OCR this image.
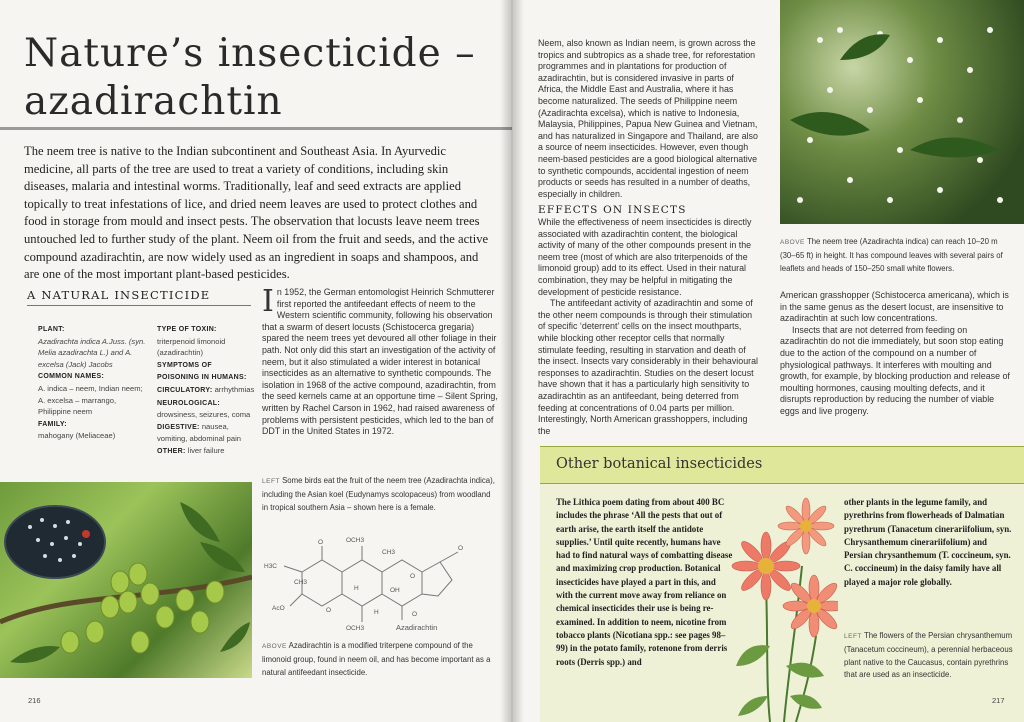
Nature’s insecticide –
azadirachtin

The neem tree is native to the Indian subcontinent and Southeast Asia. In Ayurvedic medicine, all parts of the tree are used to treat a variety of conditions, including skin diseases, malaria and intestinal worms. Traditionally, leaf and seed extracts are applied topically to treat infestations of lice, and dried neem leaves are used to protect clothes and food in storage from mould and insect pests. The observation that locusts leave neem trees untouched led to further study of the plant. Neem oil from the fruit and seeds, and the active compound azadirachtin, are now widely used as an ingredient in soaps and shampoos, and are one of the most important plant-based pesticides.

A NATURAL INSECTICIDE
PLANT:
Azadirachta indica A.Juss. (syn. Melia azadirachta L.) and A. excelsa (Jack) Jacobs
COMMON NAMES:
A. indica – neem, Indian neem; A. excelsa – marrango, Philippine neem
FAMILY:
mahogany (Meliaceae)
TYPE OF TOXIN:
triterpenoid limonoid (azadirachtin)
SYMPTOMS OF POISONING IN HUMANS:
CIRCULATORY: arrhythmias
NEUROLOGICAL: drowsiness, seizures, coma
DIGESTIVE: nausea, vomiting, abdominal pain
OTHER: liver failure
In 1952, the German entomologist Heinrich Schmutterer first reported the antifeedant effects of neem to the Western scientific community, following his observation that a swarm of desert locusts (Schistocerca gregaria) spared the neem trees yet devoured all other foliage in their path. Not only did this start an investigation of the activity of neem, but it also stimulated a wider interest in botanical insecticides as an alternative to synthetic compounds. The isolation in 1968 of the active compound, azadirachtin, from the seed kernels came at an opportune time – Silent Spring, written by Rachel Carson in 1962, had raised awareness of problems with persistent pesticides, which led to the ban of DDT in the United States in 1972.
LEFT Some birds eat the fruit of the neem tree (Azadirachta indica), including the Asian koel (Eudynamys scolopaceus) from woodland in tropical southern Asia – shown here is a female.
OCH3
O
CH3
H3C
CH3
O
O
OH
H
AcO	O	H	O
OCH3	Azadirachtin
ABOVE Azadirachtin is a modified triterpene compound of the limonoid group, found in neem oil, and has become important as a natural antifeedant insecticide.
216
Neem, also known as Indian neem, is grown across the tropics and subtropics as a shade tree, for reforestation programmes and in plantations for production of azadirachtin, but is considered invasive in parts of Africa, the Middle East and Australia, where it has become naturalized. The seeds of Philippine neem (Azadirachta excelsa), which is native to Indonesia, Malaysia, Philippines, Papua New Guinea and Vietnam, and has naturalized in Singapore and Thailand, are also a source of neem insecticides. However, even though neem-based pesticides are a good biological alternative to synthetic compounds, accidental ingestion of neem products or seeds has resulted in a number of deaths, especially in children.
EFFECTS ON INSECTS
While the effectiveness of neem insecticides is directly associated with azadirachtin content, the biological activity of many of the other compounds present in the neem tree (most of which are also triterpenoids of the limonoid group) add to its effect. Used in their natural combination, they may be helpful in mitigating the development of pesticide resistance.
The antifeedant activity of azadirachtin and some of the other neem compounds is through their stimulation of specific ‘deterrent’ cells on the insect mouthparts, while blocking other receptor cells that normally stimulate feeding, resulting in starvation and death of the insect. Insects vary considerably in their behavioural responses to azadirachtin. Studies on the desert locust have shown that it has a particularly high sensitivity to azadirachtin as an antifeedant, being deterred from feeding at concentrations of 0.04 parts per million. Interestingly, North American grasshoppers, including the
ABOVE The neem tree (Azadirachta indica) can reach 10–20 m (30–65 ft) in height. It has compound leaves with several pairs of leaflets and heads of 150–250 small white flowers.
American grasshopper (Schistocerca americana), which is in the same genus as the desert locust, are insensitive to azadirachtin at such low concentrations.
Insects that are not deterred from feeding on azadirachtin do not die immediately, but soon stop eating due to the action of the compound on a number of physiological pathways. It interferes with moulting and growth, for example, by blocking production and release of moulting hormones, causing moulting defects, and it disrupts reproduction by reducing the number of viable eggs and live progeny.
Other botanical insecticides
The Lithica poem dating from about 400 BC includes the phrase ‘All the pests that out of earth arise, the earth itself the antidote supplies.’ Until quite recently, humans have had to find natural ways of combatting disease and maximizing crop production. Botanical insecticides have played a part in this, and with the current move away from reliance on chemical insecticides their use is being re-examined. In addition to neem, nicotine from tobacco plants (Nicotiana spp.: see pages 98–99) in the potato family, rotenone from derris roots (Derris spp.) and
other plants in the legume family, and pyrethrins from flowerheads of Dalmatian pyrethrum (Tanacetum cinerariifolium, syn. Chrysanthemum cinerariifolium) and Persian chrysanthemum (T. coccineum, syn. C. coccineum) in the daisy family have all played a major role globally.
LEFT The flowers of the Persian chrysanthemum (Tanacetum coccineum), a perennial herbaceous plant native to the Caucasus, contain pyrethrins that are used as an insecticide.
217
